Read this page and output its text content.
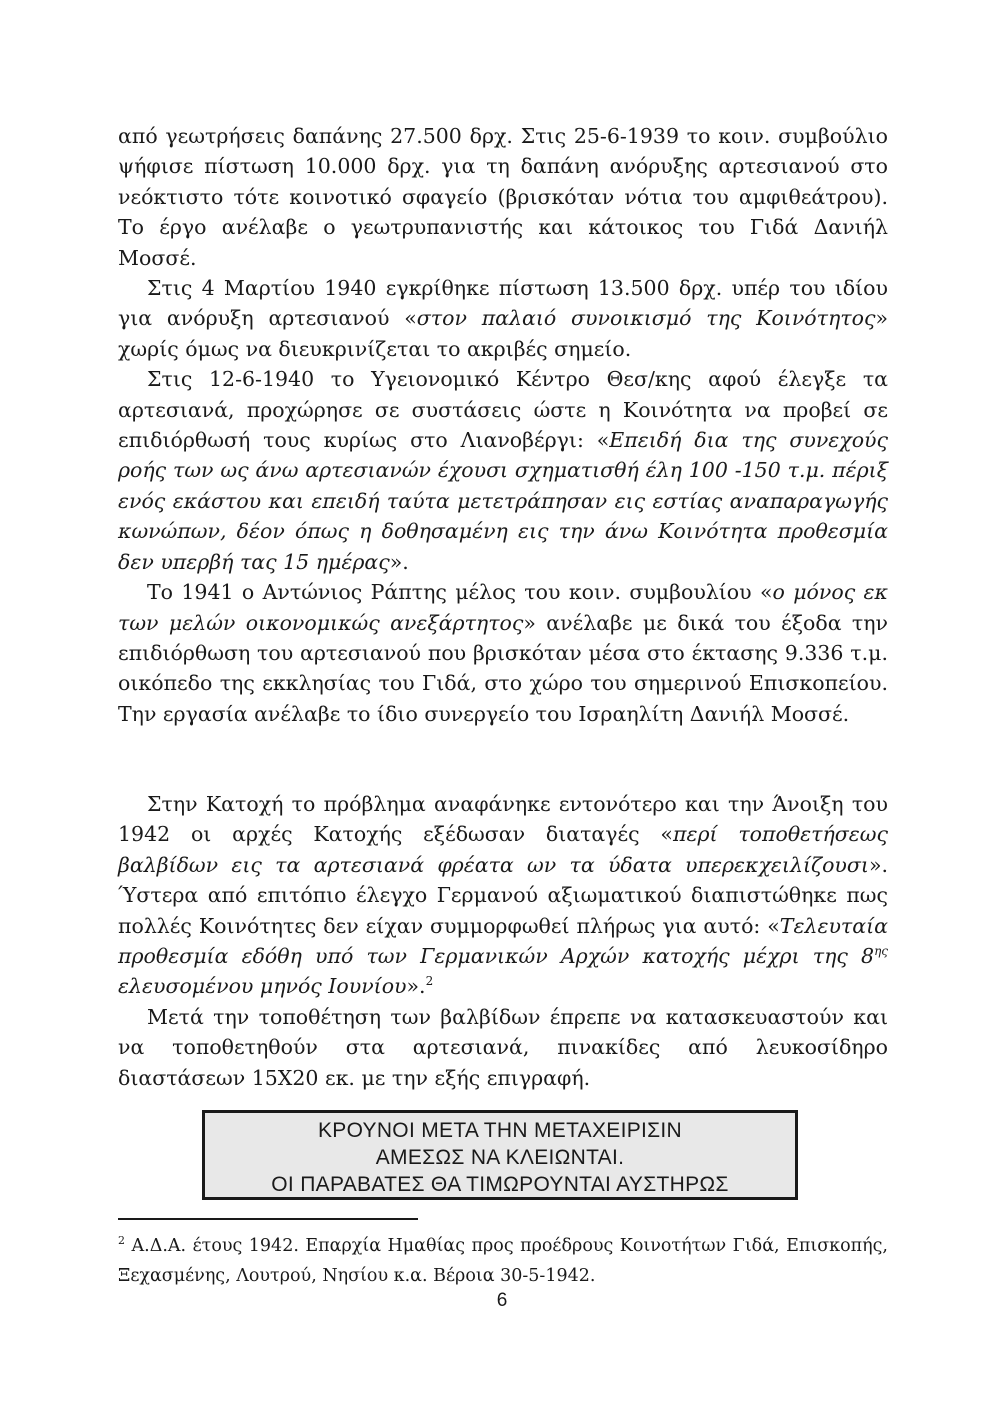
από γεωτρήσεις δαπάνης 27.500 δρχ. Στις 25-6-1939 το κοιν. συμβούλιο ψήφισε πίστωση 10.000 δρχ. για τη δαπάνη ανόρυξης αρτεσιανού στο νεόκτιστο τότε κοινοτικό σφαγείο (βρισκόταν νότια του αμφιθεάτρου). Το έργο ανέλαβε ο γεωτρυπανιστής και κάτοικος του Γιδά Δανιήλ Μοσσέ.

Στις 4 Μαρτίου 1940 εγκρίθηκε πίστωση 13.500 δρχ. υπέρ του ιδίου για ανόρυξη αρτεσιανού «στον παλαιό συνοικισμό της Κοινότητος» χωρίς όμως να διευκρινίζεται το ακριβές σημείο.

Στις 12-6-1940 το Υγειονομικό Κέντρο Θεσ/κης αφού έλεγξε τα αρτεσιανά, προχώρησε σε συστάσεις ώστε η Κοινότητα να προβεί σε επιδιόρθωσή τους κυρίως στο Λιανοβέργι: «Επειδή δια της συνεχούς ροής των ως άνω αρτεσιανών έχουσι σχηματισθή έλη 100 -150 τ.μ. πέριξ ενός εκάστου και επειδή ταύτα μετετράπησαν εις εστίας αναπαραγωγής κωνώπων, δέον όπως η δοθησαμένη εις την άνω Κοινότητα προθεσμία δεν υπερβή τας 15 ημέρας».

Το 1941 ο Αντώνιος Ράπτης μέλος του κοιν. συμβουλίου «ο μόνος εκ των μελών οικονομικώς ανεξάρτητος» ανέλαβε με δικά του έξοδα την επιδιόρθωση του αρτεσιανού που βρισκόταν μέσα στο έκτασης 9.336 τ.μ. οικόπεδο της εκκλησίας του Γιδά, στο χώρο του σημερινού Επισκοπείου. Την εργασία ανέλαβε το ίδιο συνεργείο του Ισραηλίτη Δανιήλ Μοσσέ.

Στην Κατοχή το πρόβλημα αναφάνηκε εντονότερο και την Άνοιξη του 1942 οι αρχές Κατοχής εξέδωσαν διαταγές «περί τοποθετήσεως βαλβίδων εις τα αρτεσιανά φρέατα ων τα ύδατα υπερεκχειλίζουσι». Ύστερα από επιτόπιο έλεγχο Γερμανού αξιωματικού διαπιστώθηκε πως πολλές Κοινότητες δεν είχαν συμμορφωθεί πλήρως για αυτό: «Τελευταία προθεσμία εδόθη υπό των Γερμανικών Αρχών κατοχής μέχρι της $8^{\eta\varsigma}$ ελευσομένου μηνός Ιουνίου».$^2$

Μετά την τοποθέτηση των βαλβίδων έπρεπε να κατασκευαστούν και να τοποθετηθούν στα αρτεσιανά, πινακίδες από λευκοσίδηρο διαστάσεων 15Χ20 εκ. με την εξής επιγραφή.

ΚΡΟΥΝΟΙ ΜΕΤΑ ΤΗΝ ΜΕΤΑΧΕΙΡΙΣΙΝ
ΑΜΕΣΩΣ ΝΑ ΚΛΕΙΩΝΤΑΙ.
ΟΙ ΠΑΡΑΒΑΤΕΣ ΘΑ ΤΙΜΩΡΟΥΝΤΑΙ ΑΥΣΤΗΡΩΣ
$^2$ Α.Δ.Α. έτους 1942. Επαρχία Ημαθίας προς προέδρους Κοινοτήτων Γιδά, Επισκοπής, Ξεχασμένης, Λουτρού, Νησίου κ.α. Βέροια 30-5-1942.
6
